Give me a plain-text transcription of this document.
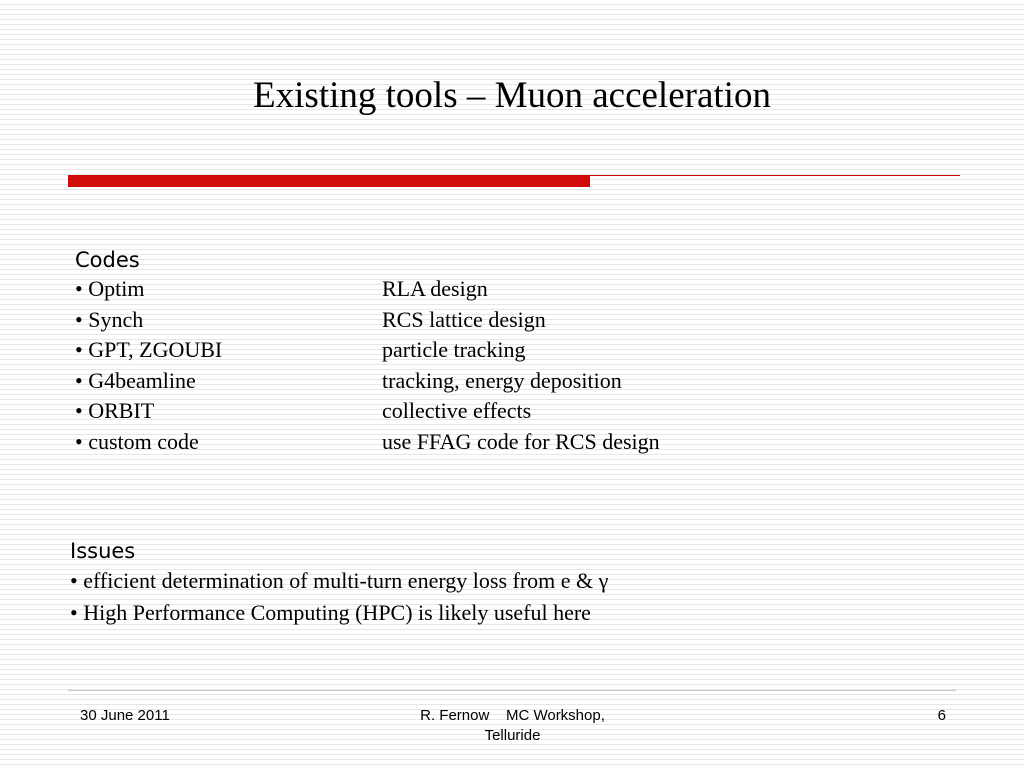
Existing tools – Muon acceleration
Codes
• Optim	RLA design
• Synch	RCS lattice design
• GPT, ZGOUBI	particle tracking
• G4beamline	tracking, energy deposition
• ORBIT	collective effects
• custom code	use FFAG code for RCS design
Issues
• efficient determination of multi-turn energy loss from e & γ
• High Performance Computing (HPC) is likely useful here
30 June 2011	R. Fernow    MC Workshop,
Telluride
6
